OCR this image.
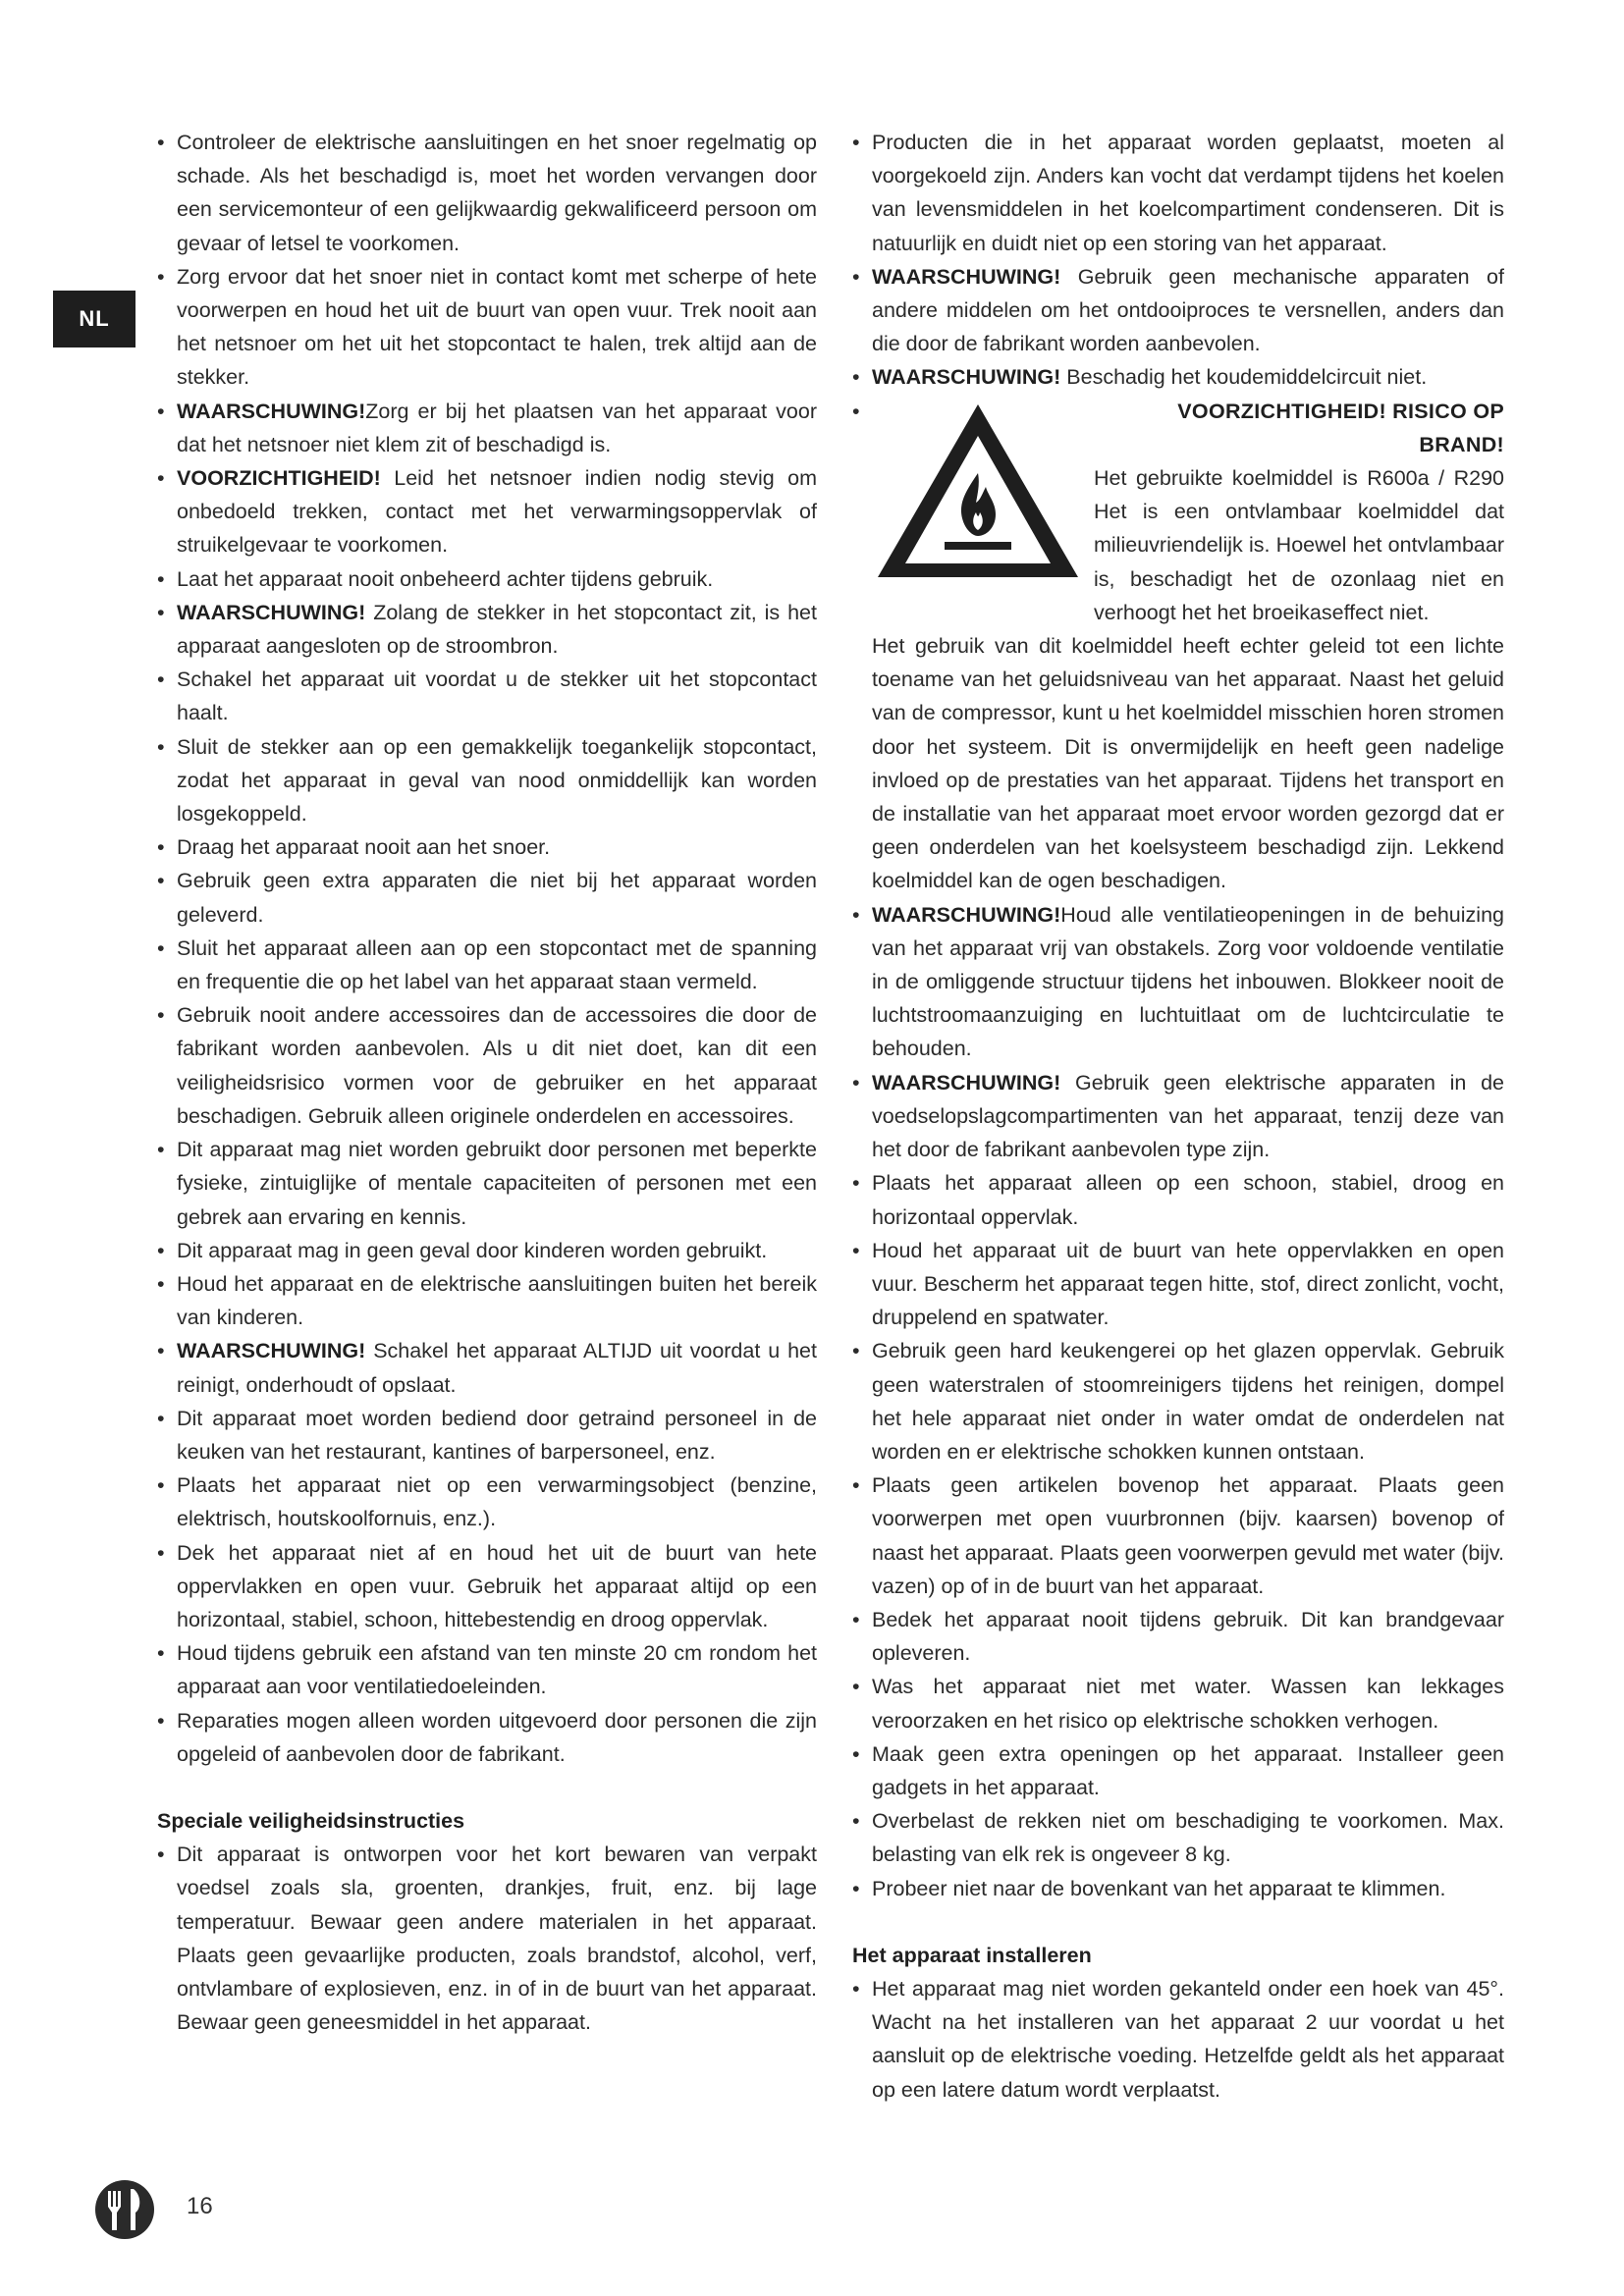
NL

• Controleer de elektrische aansluitingen en het snoer regelmatig op schade. Als het beschadigd is, moet het worden vervangen door een servicemonteur of een gelijkwaardig gekwalificeerd persoon om gevaar of letsel te voorkomen.

• Zorg ervoor dat het snoer niet in contact komt met scherpe of hete voorwerpen en houd het uit de buurt van open vuur. Trek nooit aan het netsnoer om het uit het stopcontact te halen, trek altijd aan de stekker.

• WAARSCHUWING!Zorg er bij het plaatsen van het apparaat voor dat het netsnoer niet klem zit of beschadigd is.

• VOORZICHTIGHEID! Leid het netsnoer indien nodig stevig om onbedoeld trekken, contact met het verwarmingsoppervlak of struikelgevaar te voorkomen.

• Laat het apparaat nooit onbeheerd achter tijdens gebruik.

• WAARSCHUWING! Zolang de stekker in het stopcontact zit, is het apparaat aangesloten op de stroombron.

• Schakel het apparaat uit voordat u de stekker uit het stopcontact haalt.

• Sluit de stekker aan op een gemakkelijk toegankelijk stopcontact, zodat het apparaat in geval van nood onmiddellijk kan worden losgekoppeld.

• Draag het apparaat nooit aan het snoer.

• Gebruik geen extra apparaten die niet bij het apparaat worden geleverd.

• Sluit het apparaat alleen aan op een stopcontact met de spanning en frequentie die op het label van het apparaat staan vermeld.

• Gebruik nooit andere accessoires dan de accessoires die door de fabrikant worden aanbevolen. Als u dit niet doet, kan dit een veiligheidsrisico vormen voor de gebruiker en het apparaat beschadigen. Gebruik alleen originele onderdelen en accessoires.

• Dit apparaat mag niet worden gebruikt door personen met beperkte fysieke, zintuiglijke of mentale capaciteiten of personen met een gebrek aan ervaring en kennis.

• Dit apparaat mag in geen geval door kinderen worden gebruikt.

• Houd het apparaat en de elektrische aansluitingen buiten het bereik van kinderen.

• WAARSCHUWING! Schakel het apparaat ALTIJD uit voordat u het reinigt, onderhoudt of opslaat.

• Dit apparaat moet worden bediend door getraind personeel in de keuken van het restaurant, kantines of barpersoneel, enz.

• Plaats het apparaat niet op een verwarmingsobject (benzine, elektrisch, houtskoolfornuis, enz.).

• Dek het apparaat niet af en houd het uit de buurt van hete oppervlakken en open vuur. Gebruik het apparaat altijd op een horizontaal, stabiel, schoon, hittebestendig en droog oppervlak.

• Houd tijdens gebruik een afstand van ten minste 20 cm rondom het apparaat aan voor ventilatiedoeleinden.

• Reparaties mogen alleen worden uitgevoerd door personen die zijn opgeleid of aanbevolen door de fabrikant.

Speciale veiligheidsinstructies

• Dit apparaat is ontworpen voor het kort bewaren van verpakt voedsel zoals sla, groenten, drankjes, fruit, enz. bij lage temperatuur. Bewaar geen andere materialen in het apparaat. Plaats geen gevaarlijke producten, zoals brandstof, alcohol, verf, ontvlambare of explosieven, enz. in of in de buurt van het apparaat. Bewaar geen geneesmiddel in het apparaat.

• Producten die in het apparaat worden geplaatst, moeten al voorgekoeld zijn. Anders kan vocht dat verdampt tijdens het koelen van levensmiddelen in het koelcompartiment condenseren. Dit is natuurlijk en duidt niet op een storing van het apparaat.

• WAARSCHUWING! Gebruik geen mechanische apparaten of andere middelen om het ontdooiproces te versnellen, anders dan die door de fabrikant worden aanbevolen.

• WAARSCHUWING! Beschadig het koudemiddelcircuit niet.

• VOORZICHTIGHEID! RISICO OP BRAND!
Het gebruikte koelmiddel is R600a / R290 Het is een ontvlambaar koelmiddel dat milieuvriendelijk is. Hoewel het ontvlambaar is, beschadigt het de ozonlaag niet en verhoogt het het broeikaseffect niet.
Het gebruik van dit koelmiddel heeft echter geleid tot een lichte toename van het geluidsniveau van het apparaat. Naast het geluid van de compressor, kunt u het koelmiddel misschien horen stromen door het systeem. Dit is onvermijdelijk en heeft geen nadelige invloed op de prestaties van het apparaat. Tijdens het transport en de installatie van het apparaat moet ervoor worden gezorgd dat er geen onderdelen van het koelsysteem beschadigd zijn. Lekkend koelmiddel kan de ogen beschadigen.

• WAARSCHUWING!Houd alle ventilatieopeningen in de behuizing van het apparaat vrij van obstakels. Zorg voor voldoende ventilatie in de omliggende structuur tijdens het inbouwen. Blokkeer nooit de luchtstroomaanzuiging en luchtuitlaat om de luchtcirculatie te behouden.

• WAARSCHUWING! Gebruik geen elektrische apparaten in de voedselopslagcompartimenten van het apparaat, tenzij deze van het door de fabrikant aanbevolen type zijn.

• Plaats het apparaat alleen op een schoon, stabiel, droog en horizontaal oppervlak.

• Houd het apparaat uit de buurt van hete oppervlakken en open vuur. Bescherm het apparaat tegen hitte, stof, direct zonlicht, vocht, druppelend en spatwater.

• Gebruik geen hard keukengerei op het glazen oppervlak. Gebruik geen waterstralen of stoomreinigers tijdens het reinigen, dompel het hele apparaat niet onder in water omdat de onderdelen nat worden en er elektrische schokken kunnen ontstaan.

• Plaats geen artikelen bovenop het apparaat. Plaats geen voorwerpen met open vuurbronnen (bijv. kaarsen) bovenop of naast het apparaat. Plaats geen voorwerpen gevuld met water (bijv. vazen) op of in de buurt van het apparaat.

• Bedek het apparaat nooit tijdens gebruik. Dit kan brandgevaar opleveren.

• Was het apparaat niet met water. Wassen kan lekkages veroorzaken en het risico op elektrische schokken verhogen.

• Maak geen extra openingen op het apparaat. Installeer geen gadgets in het apparaat.

• Overbelast de rekken niet om beschadiging te voorkomen. Max. belasting van elk rek is ongeveer 8 kg.

• Probeer niet naar de bovenkant van het apparaat te klimmen.

Het apparaat installeren

• Het apparaat mag niet worden gekanteld onder een hoek van 45°. Wacht na het installeren van het apparaat 2 uur voordat u het aansluit op de elektrische voeding. Hetzelfde geldt als het apparaat op een latere datum wordt verplaatst.

16
